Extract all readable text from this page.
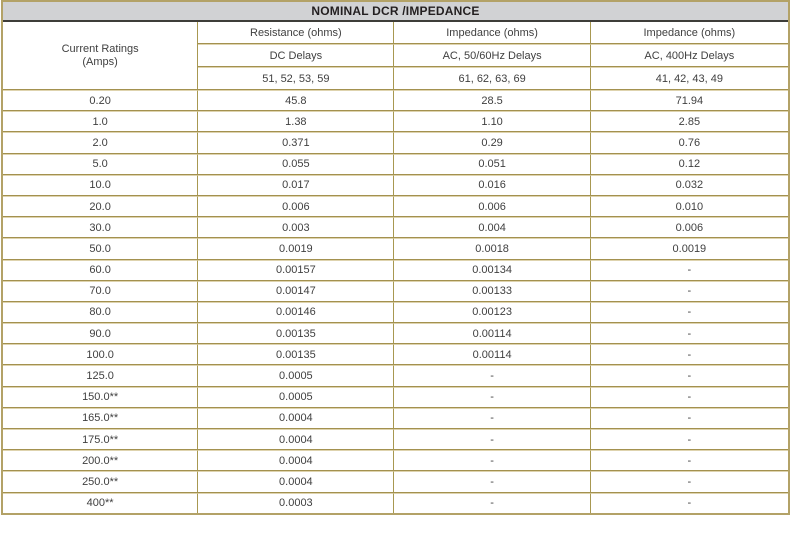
NOMINAL DCR /IMPEDANCE
Current Ratings
(Amps)	Resistance (ohms)	Impedance (ohms)	Impedance (ohms)
	DC Delays	AC, 50/60Hz Delays	AC, 400Hz Delays
	51, 52, 53, 59	61, 62, 63, 69	41, 42, 43, 49
0.20	45.8	28.5	71.94
1.0	1.38	1.10	2.85
2.0	0.371	0.29	0.76
5.0	0.055	0.051	0.12
10.0	0.017	0.016	0.032
20.0	0.006	0.006	0.010
30.0	0.003	0.004	0.006
50.0	0.0019	0.0018	0.0019
60.0	0.00157	0.00134	-
70.0	0.00147	0.00133	-
80.0	0.00146	0.00123	-
90.0	0.00135	0.00114	-
100.0	0.00135	0.00114	-
125.0	0.0005	-	-
150.0**	0.0005	-	-
165.0**	0.0004	-	-
175.0**	0.0004	-	-
200.0**	0.0004	-	-
250.0**	0.0004	-	-
400**	0.0003	-	-
